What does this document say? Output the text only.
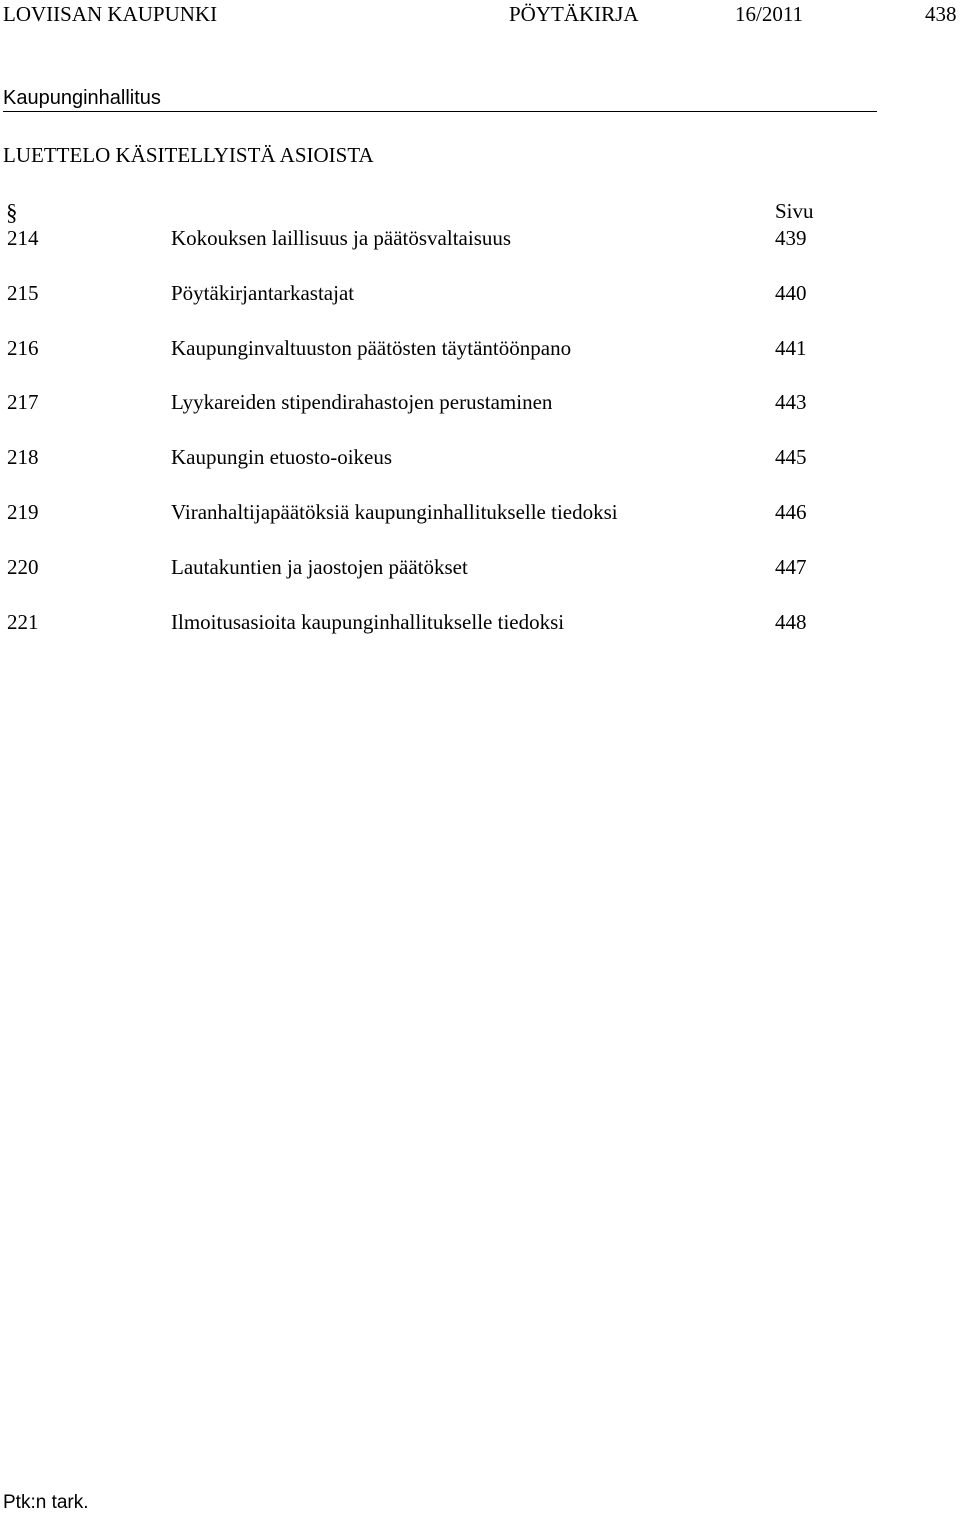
LOVIISAN KAUPUNKI	PÖYTÄKIRJA	16/2011	438
Kaupunginhallitus
LUETTELO KÄSITELLYISTÄ ASIOISTA
§	Sivu
214	Kokouksen laillisuus ja päätösvaltaisuus	439
215	Pöytäkirjantarkastajat	440
216	Kaupunginvaltuuston päätösten täytäntöönpano	441
217	Lyykareiden stipendirahastojen perustaminen	443
218	Kaupungin etuosto-oikeus	445
219	Viranhaltijapäätöksiä kaupunginhallitukselle tiedoksi	446
220	Lautakuntien ja jaostojen päätökset	447
221	Ilmoitusasioita kaupunginhallitukselle tiedoksi	448
Ptk:n tark.
